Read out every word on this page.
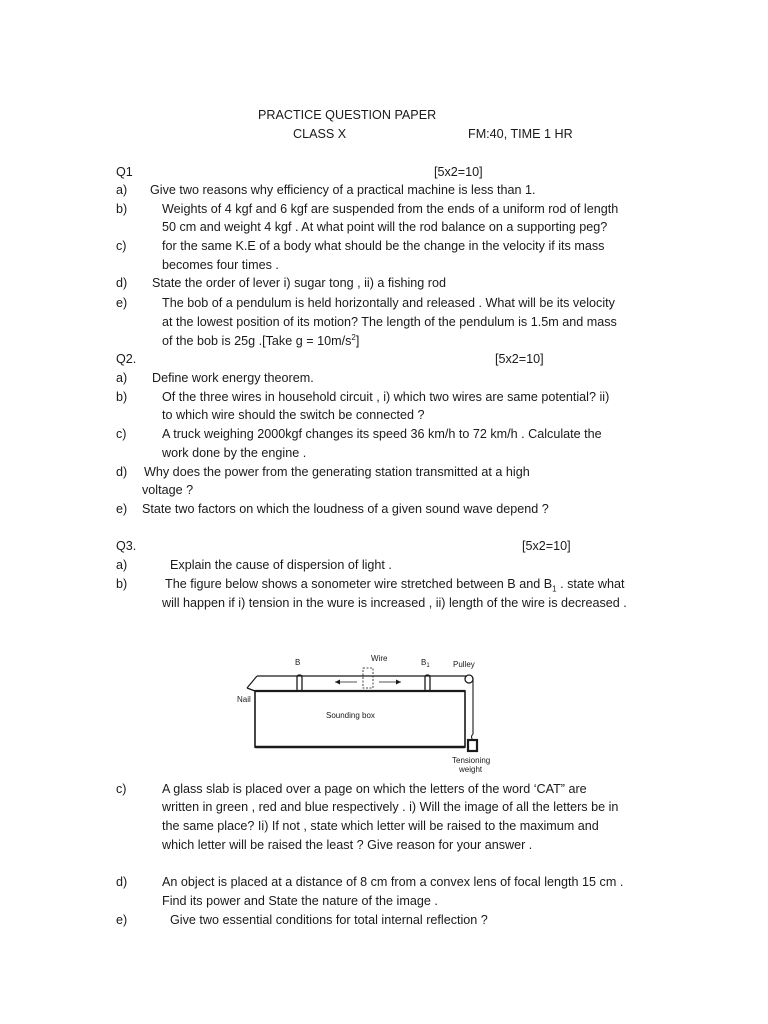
PRACTICE QUESTION PAPER
CLASS X	FM:40, TIME 1 HR
Q1	[5x2=10]
a) Give two reasons why efficiency of a practical machine is less than 1.
b)	Weights of 4 kgf and 6 kgf are suspended from the ends of a uniform rod of length
50 cm and weight 4 kgf . At what point will the rod balance on a supporting peg?
c)	for the same K.E of a body what should be the change in the velocity if its mass
becomes four times .
d) State the order of lever i) sugar tong , ii) a fishing rod
e)	The bob of a pendulum is held horizontally and released . What will be its velocity
at the lowest position of its motion? The length of the pendulum is 1.5m and mass
of the bob is 25g .[Take $g = 10m/s^2$]
Q2.	[5x2=10]
a) Define work energy theorem.
b)	Of the three wires in household circuit , i) which two wires are same potential? ii)
to which wire should the switch be connected ?
c)	A truck weighing 2000kgf changes its speed 36 km/h to 72 km/h . Calculate the
work done by the engine .
d) Why does the power from the generating station transmitted at a high
voltage ?
e) State two factors on which the loudness of a given sound wave depend ?
Q3.	[5x2=10]
a)	Explain the cause of dispersion of light .
b)	The figure below shows a sonometer wire stretched between B and $B_1$ . state what
will happen if i) tension in the wure is increased , ii) length of the wire is decreased .
B	Wire	$B_1$	Pulley
Nail
Sounding box
Tensioning
weight
c)	A glass slab is placed over a page on which the letters of the word ‘CAT” are
written in green , red and blue respectively . i) Will the image of all the letters be in
the same place? Ii) If not , state which letter will be raised to the maximum and
which letter will be raised the least ? Give reason for your answer .
d)	An object is placed at a distance of 8 cm from a convex lens of focal length 15 cm .
Find its power and State the nature of the image .
e)	Give two essential conditions for total internal reflection ?
